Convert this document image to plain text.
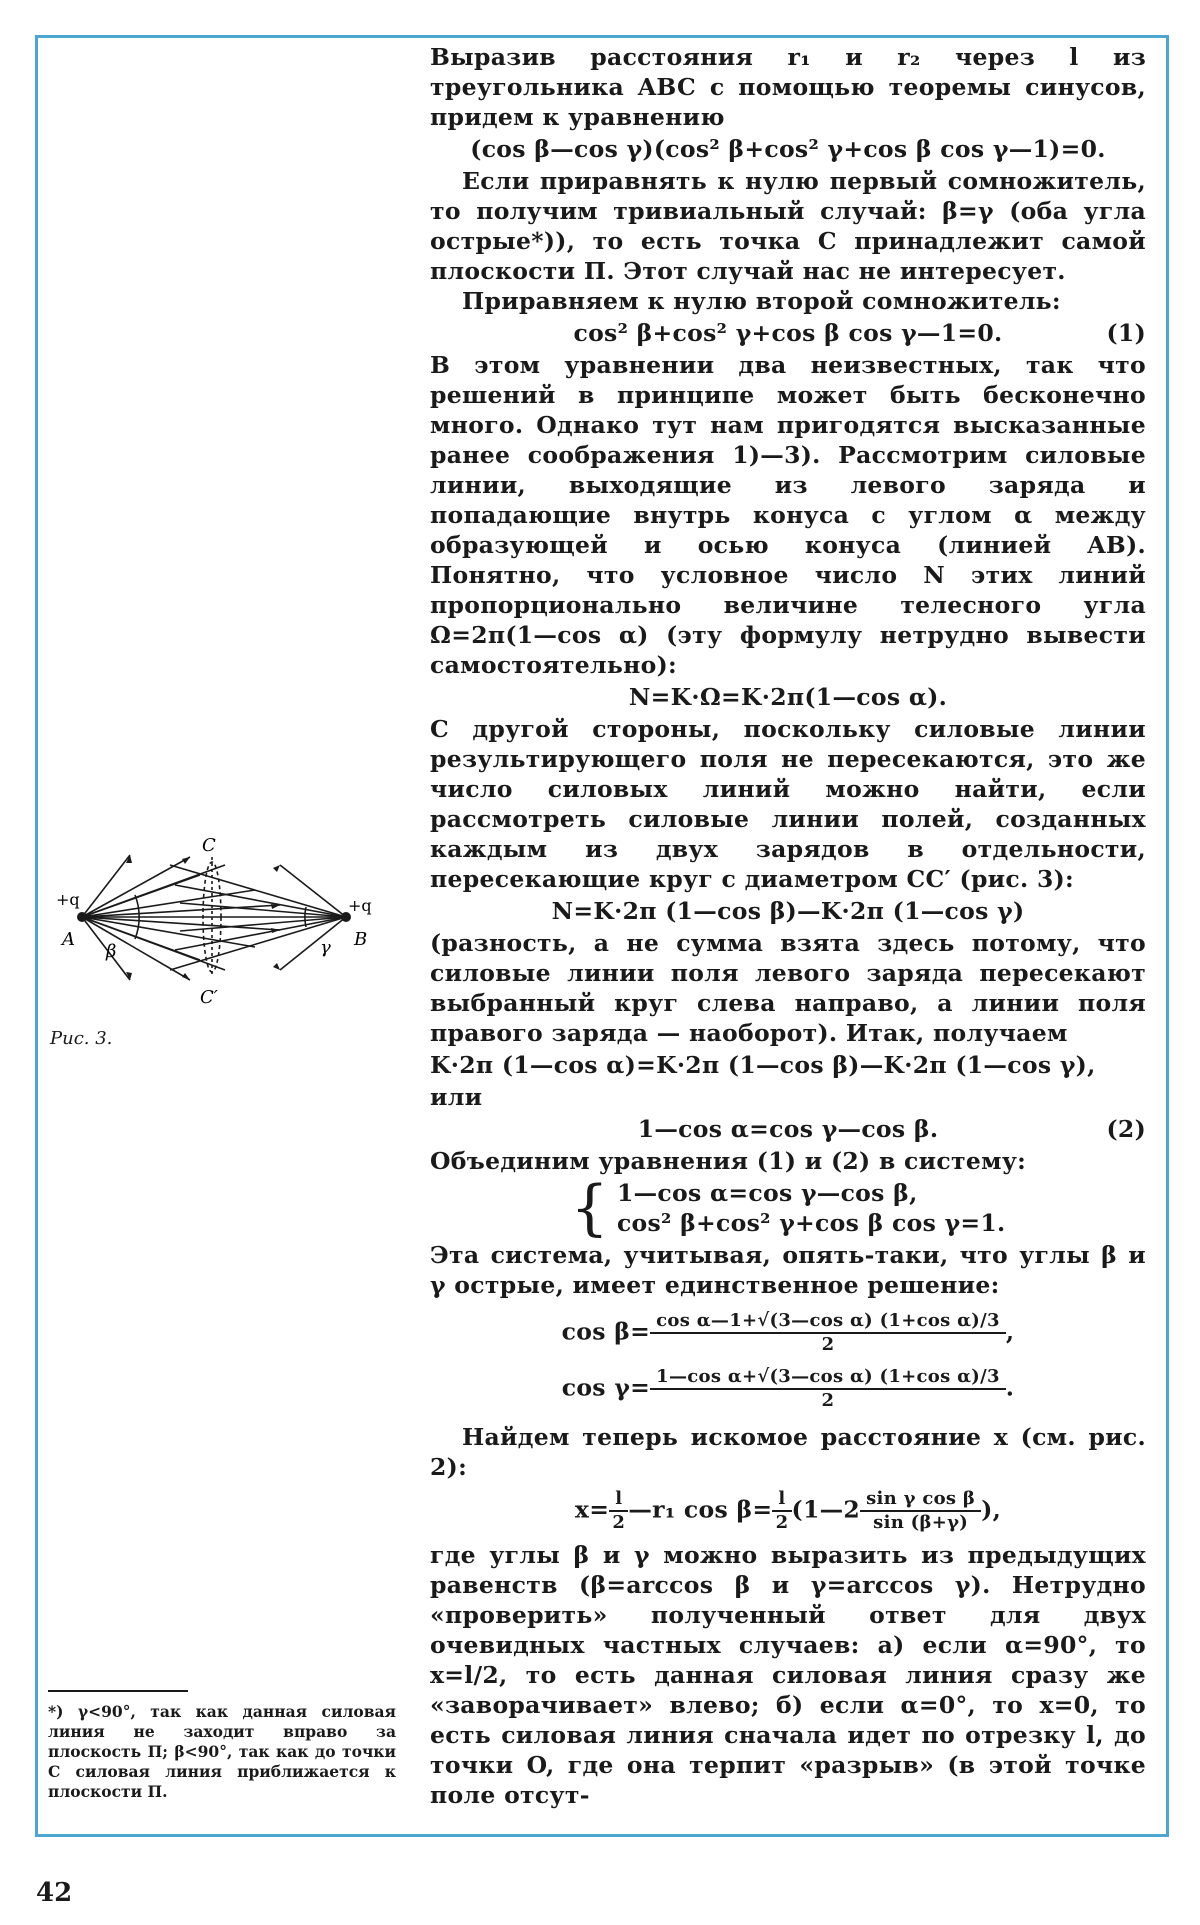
Выразив расстояния r₁ и r₂ через l из треугольника ABC с помощью теоремы синусов, придем к уравнению

(cos β—cos γ)(cos² β+cos² γ+cos β cos γ—1)=0.

Если приравнять к нулю первый сомножитель, то получим тривиальный случай: β=γ (оба угла острые*)), то есть точка C принадлежит самой плоскости П. Этот случай нас не интересует.

Приравняем к нулю второй сомножитель:

cos² β+cos² γ+cos β cos γ—1=0.	(1)

В этом уравнении два неизвестных, так что решений в принципе может быть бесконечно много. Однако тут нам пригодятся высказанные ранее соображения 1)—3). Рассмотрим силовые линии, выходящие из левого заряда и попадающие внутрь конуса с углом α между образующей и осью конуса (линией AB). Понятно, что условное число N этих линий пропорционально величине телесного угла Ω=2π(1—cos α) (эту формулу нетрудно вывести самостоятельно):

N=K·Ω=K·2π(1—cos α).

С другой стороны, поскольку силовые линии результирующего поля не пересекаются, это же число силовых линий можно найти, если рассмотреть силовые линии полей, созданных каждым из двух зарядов в отдельности, пересекающие круг с диаметром CC′ (рис. 3):

N=K·2π (1—cos β)—K·2π (1—cos γ)

(разность, а не сумма взята здесь потому, что силовые линии поля левого заряда пересекают выбранный круг слева направо, а линии поля правого заряда — наоборот). Итак, получаем

K·2π (1—cos α)=K·2π (1—cos β)—K·2π (1—cos γ),

или

1—cos α=cos γ—cos β.	(2)

Объединим уравнения (1) и (2) в систему:

{ 1—cos α=cos γ—cos β,
cos² β+cos² γ+cos β cos γ=1.

Эта система, учитывая, опять-таки, что углы β и γ острые, имеет единственное решение:

$\cos \beta= \frac{\text{cos α—1+√(3—cos α) (1+cos α)/3}}{2}$ ,
$\cos \gamma= \frac{\text{1—cos α+√(3—cos α) (1+cos α)/3}}{2}$ .

Найдем теперь искомое расстояние x (см. рис. 2):

$x= \frac{l}{2}$ —r₁ $\cos \beta= \frac{l}{2}$ (1—2 $\frac{\text{sin γ cos β}}{\sin (\beta+\gamma)}$ ),

где углы β и γ можно выразить из предыдущих равенств (β=arccos β и γ=arccos γ). Нетрудно «проверить» полученный ответ для двух очевидных частных случаев: а) если α=90°, то x=l/2, то есть данная силовая линия сразу же «заворачивает» влево; б) если α=0°, то x=0, то есть силовая линия сначала идет по отрезку l, до точки O, где она терпит «разрыв» (в этой точке поле отсут-

C
C′
A	B
+q	+q
β	γ
Рис. 3.
*) γ<90°, так как данная силовая линия не заходит вправо за плоскость П; β<90°, так как до точки C силовая линия приближается к плоскости П.
42
